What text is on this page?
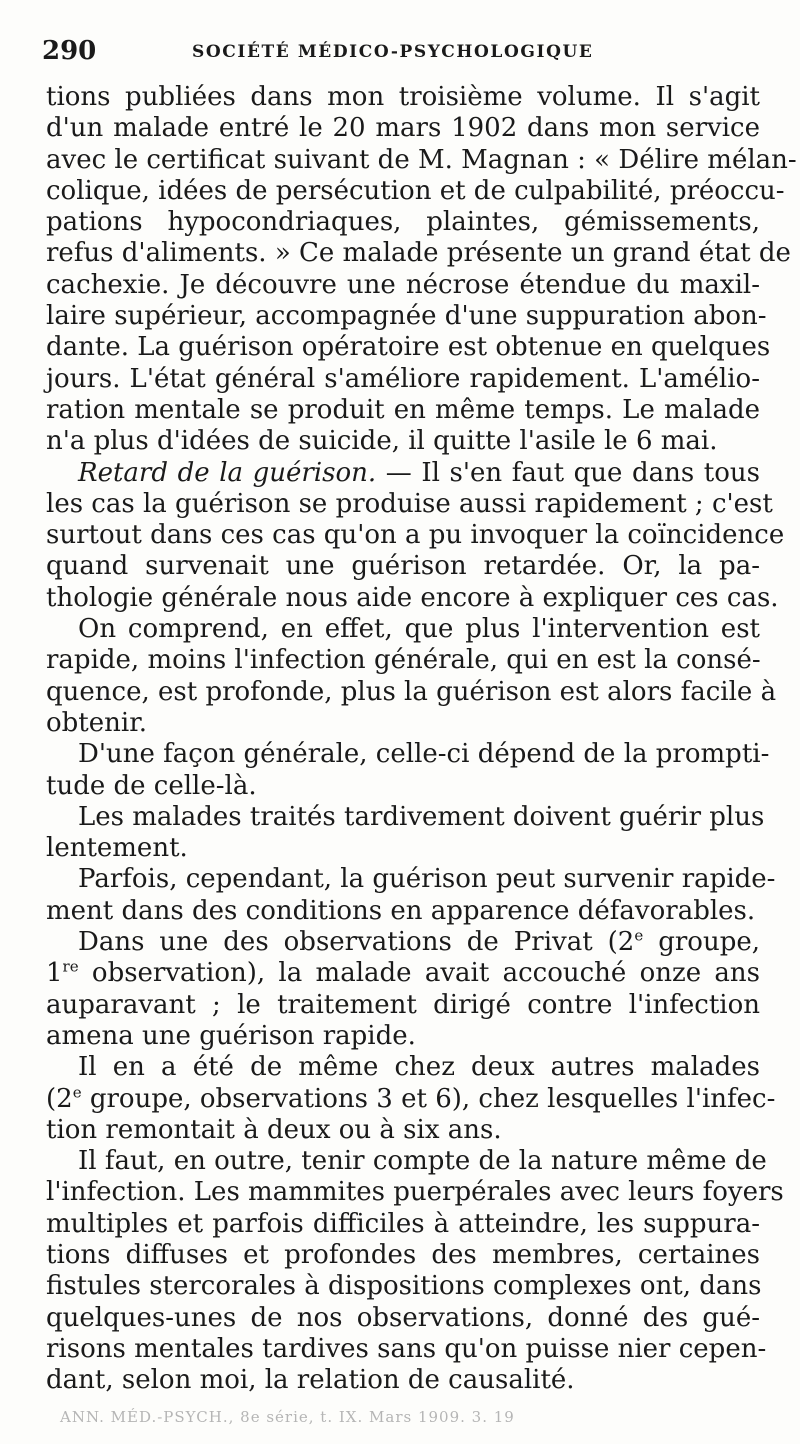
290	SOCIÉTÉ MÉDICO-PSYCHOLOGIQUE
tions publiées dans mon troisième volume. Il s'agit
d'un malade entré le 20 mars 1902 dans mon service
avec le certificat suivant de M. Magnan : « Délire mélan-
colique, idées de persécution et de culpabilité, préoccu-
pations hypocondriaques, plaintes, gémissements,
refus d'aliments. » Ce malade présente un grand état de
cachexie. Je découvre une nécrose étendue du maxil-
laire supérieur, accompagnée d'une suppuration abon-
dante. La guérison opératoire est obtenue en quelques
jours. L'état général s'améliore rapidement. L'amélio-
ration mentale se produit en même temps. Le malade
n'a plus d'idées de suicide, il quitte l'asile le 6 mai.
Retard de la guérison. — Il s'en faut que dans tous
les cas la guérison se produise aussi rapidement ; c'est
surtout dans ces cas qu'on a pu invoquer la coïncidence
quand survenait une guérison retardée. Or, la pa-
thologie générale nous aide encore à expliquer ces cas.
On comprend, en effet, que plus l'intervention est
rapide, moins l'infection générale, qui en est la consé-
quence, est profonde, plus la guérison est alors facile à
obtenir.
D'une façon générale, celle-ci dépend de la prompti-
tude de celle-là.
Les malades traités tardivement doivent guérir plus
lentement.
Parfois, cependant, la guérison peut survenir rapide-
ment dans des conditions en apparence défavorables.
Dans une des observations de Privat (2e groupe,
1re observation), la malade avait accouché onze ans
auparavant ; le traitement dirigé contre l'infection
amena une guérison rapide.
Il en a été de même chez deux autres malades
(2e groupe, observations 3 et 6), chez lesquelles l'infec-
tion remontait à deux ou à six ans.
Il faut, en outre, tenir compte de la nature même de
l'infection. Les mammites puerpérales avec leurs foyers
multiples et parfois difficiles à atteindre, les suppura-
tions diffuses et profondes des membres, certaines
fistules stercorales à dispositions complexes ont, dans
quelques-unes de nos observations, donné des gué-
risons mentales tardives sans qu'on puisse nier cepen-
dant, selon moi, la relation de causalité.
ANN. MÉD.-PSYCH., 8e série, t. IX. Mars 1909. 3. 19
